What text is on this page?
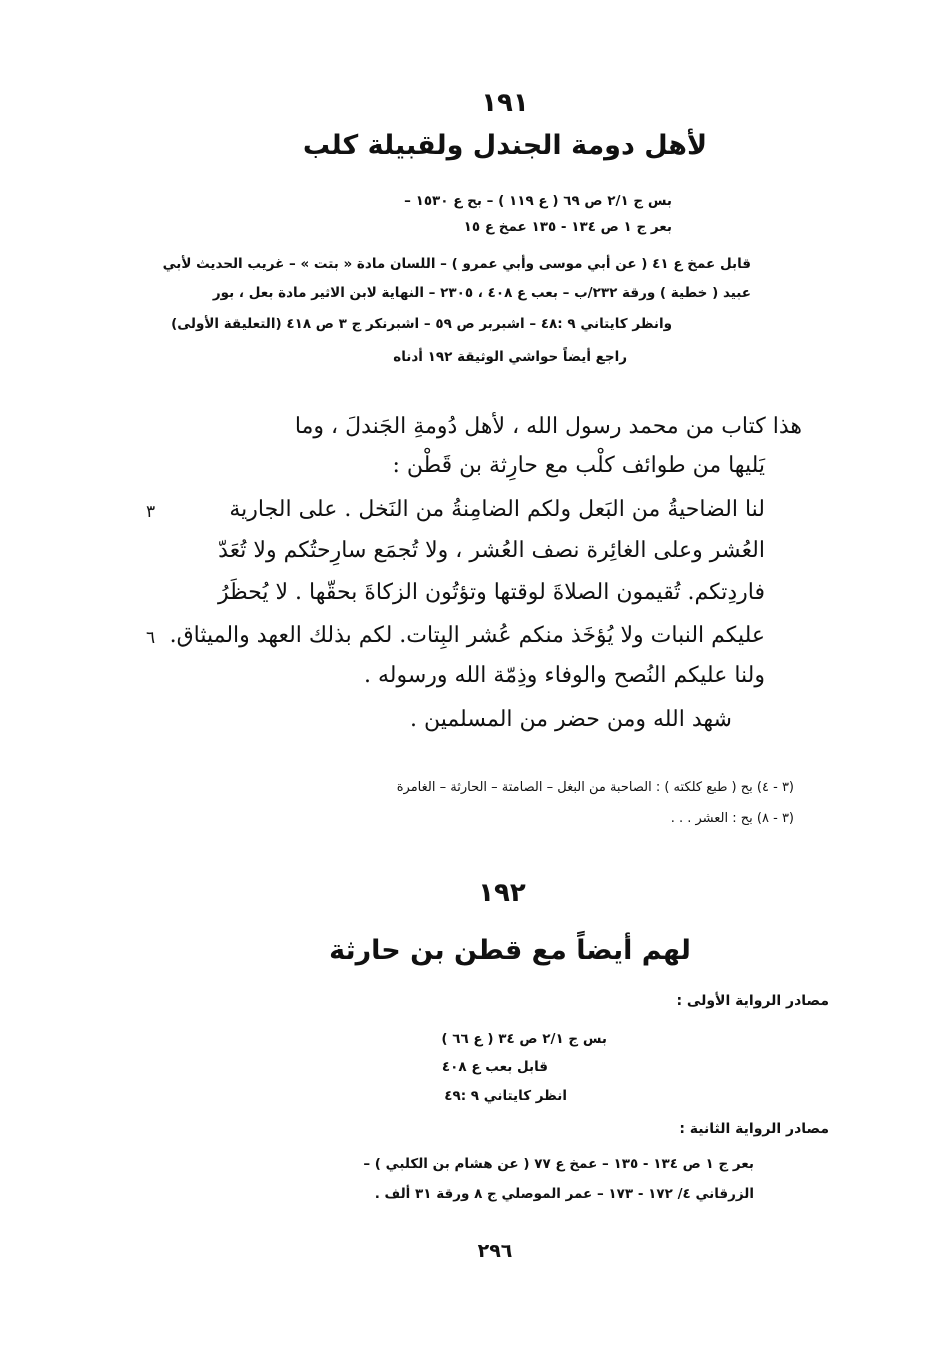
١٩١
لأهل دومة الجندل ولقبيلة كلب
بس ج ٢/١ ص ٦٩ ( ع ١١٩ ) – بح ع ١٥٣٠ –
بعر ج ١ ص ١٣٤ - ١٣٥ عمخ ع ١٥
قابل عمخ ع ٤١ ( عن أبي موسى وأبي عمرو ) – اللسان مادة « بتت » – غريب الحديث لأبي
عبيد ( خطية ) ورقة ٢٣٢/ب – بعب ع ٤٠٨ ، ٢٣٠٥ – النهاية لابن الاثير مادة بعل ، بور
وانظر كايتاني ٩ :٤٨ – اشبربر ص ٥٩ – اشبرنكر ج ٣ ص ٤١٨ (التعليقة الأولى)
راجع أيضاً حواشي الوثيقة ١٩٢ أدناه
هذا كتاب من محمد رسول الله ، لأهل دُومةِ الجَندلَ ، وما
يَليها من طوائف كلْب مع حارِثة بن قَطْن :
لنا الضاحيةُ من البَعل ولكم الضامِنةُ من النَخل . على الجارية
العُشر وعلى الغائِرة نصف العُشر ، ولا تُجمَع سارِحتُكم ولا تُعَدّ
فاردِتكم. تُقيمون الصلاةَ لوقتها وتؤتُون الزكاةَ بحقّها . لا يُحظَرُ
عليكم النبات ولا يُؤخَذ منكم عُشر البِتات. لكم بذلك العهد والميثاق.
ولنا عليكم النُصح والوفاء وذِمّة الله ورسوله .
شهد الله ومن حضر من المسلمين .
٣
٦
(٣ - ٤) بح ( طبع كلكته ) : الصاحبة من البغل – الصامتة – الحارثة – الغامرة
(٣ - ٨) بح : العشر . . .
١٩٢
لهم أيضاً مع قطن بن حارثة
مصادر الرواية الأولى :
بس ج ٢/١ ص ٣٤ ( ع ٦٦ )
قابل بعب ع ٤٠٨
انظر كايتاني ٩ :٤٩
مصادر الرواية الثانية :
بعر ج ١ ص ١٣٤ - ١٣٥ – عمخ ع ٧٧ ( عن هشام بن الكلبي ) –
الزرقاني ٤/ ١٧٢ - ١٧٣ – عمر الموصلي ج ٨ ورقة ٣١ ألف .
٢٩٦
